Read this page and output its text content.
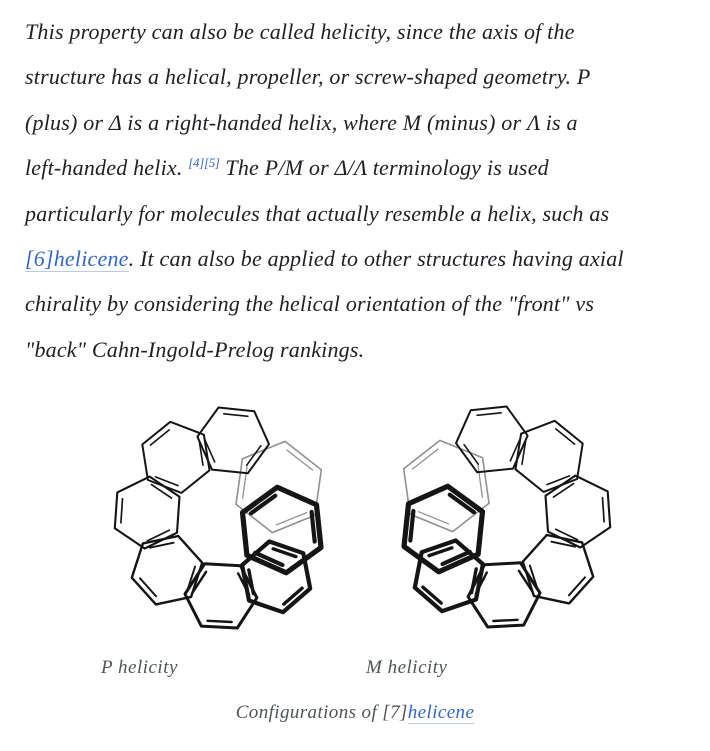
This property can also be called helicity, since the axis of the
structure has a helical, propeller, or screw-shaped geometry. P
(plus) or Δ is a right-handed helix, where M (minus) or Λ is a
left-handed helix. [4][5] The P/M or Δ/Λ terminology is used
particularly for molecules that actually resemble a helix, such as
[6]helicene. It can also be applied to other structures having axial
chirality by considering the helical orientation of the "front" vs
"back" Cahn-Ingold-Prelog rankings.
P helicity	M helicity
Configurations of [7]helicene
